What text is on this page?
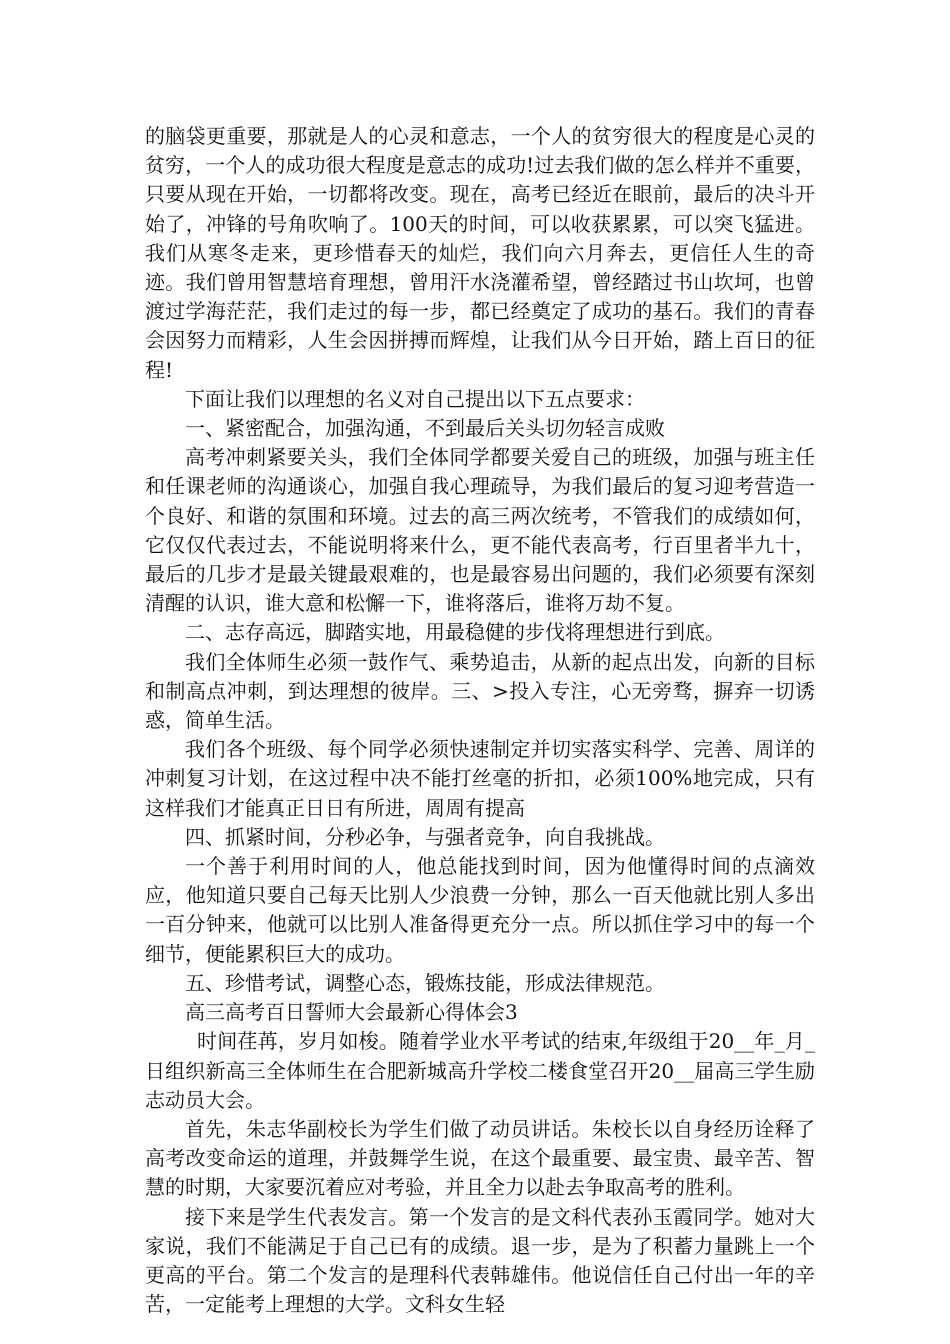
的脑袋更重要，那就是人的心灵和意志，一个人的贫穷很大的程度是心灵的贫穷，一个人的成功很大程度是意志的成功!过去我们做的怎么样并不重要，只要从现在开始，一切都将改变。现在，高考已经近在眼前，最后的决斗开始了，冲锋的号角吹响了。100天的时间，可以收获累累，可以突飞猛进。我们从寒冬走来，更珍惜春天的灿烂，我们向六月奔去，更信任人生的奇迹。我们曾用智慧培育理想，曾用汗水浇灌希望，曾经踏过书山坎坷，也曾渡过学海茫茫，我们走过的每一步，都已经奠定了成功的基石。我们的青春会因努力而精彩，人生会因拼搏而辉煌，让我们从今日开始，踏上百日的征程!

下面让我们以理想的名义对自己提出以下五点要求：

一、紧密配合，加强沟通，不到最后关头切勿轻言成败

高考冲刺紧要关头，我们全体同学都要关爱自己的班级，加强与班主任和任课老师的沟通谈心，加强自我心理疏导，为我们最后的复习迎考营造一个良好、和谐的氛围和环境。过去的高三两次统考，不管我们的成绩如何，它仅仅代表过去，不能说明将来什么，更不能代表高考，行百里者半九十，最后的几步才是最关键最艰难的，也是最容易出问题的，我们必须要有深刻清醒的认识，谁大意和松懈一下，谁将落后，谁将万劫不复。

二、志存高远，脚踏实地，用最稳健的步伐将理想进行到底。

我们全体师生必须一鼓作气、乘势追击，从新的起点出发，向新的目标和制高点冲刺，到达理想的彼岸。三、>投入专注，心无旁骛，摒弃一切诱惑，简单生活。

我们各个班级、每个同学必须快速制定并切实落实科学、完善、周详的冲刺复习计划，在这过程中决不能打丝毫的折扣，必须100%地完成，只有这样我们才能真正日日有所进，周周有提高

四、抓紧时间，分秒必争，与强者竞争，向自我挑战。

一个善于利用时间的人，他总能找到时间，因为他懂得时间的点滴效应，他知道只要自己每天比别人少浪费一分钟，那么一百天他就比别人多出一百分钟来，他就可以比别人准备得更充分一点。所以抓住学习中的每一个细节，便能累积巨大的成功。

五、珍惜考试，调整心态，锻炼技能，形成法律规范。

高三高考百日誓师大会最新心得体会3

时间荏苒，岁月如梭。随着学业水平考试的结束,年级组于20__年_月_日组织新高三全体师生在合肥新城高升学校二楼食堂召开20__届高三学生励志动员大会。

首先，朱志华副校长为学生们做了动员讲话。朱校长以自身经历诠释了高考改变命运的道理，并鼓舞学生说，在这个最重要、最宝贵、最辛苦、智慧的时期，大家要沉着应对考验，并且全力以赴去争取高考的胜利。

接下来是学生代表发言。第一个发言的是文科代表孙玉霞同学。她对大家说，我们不能满足于自己已有的成绩。退一步，是为了积蓄力量跳上一个更高的平台。第二个发言的是理科代表韩雄伟。他说信任自己付出一年的辛苦，一定能考上理想的大学。文科女生轻
